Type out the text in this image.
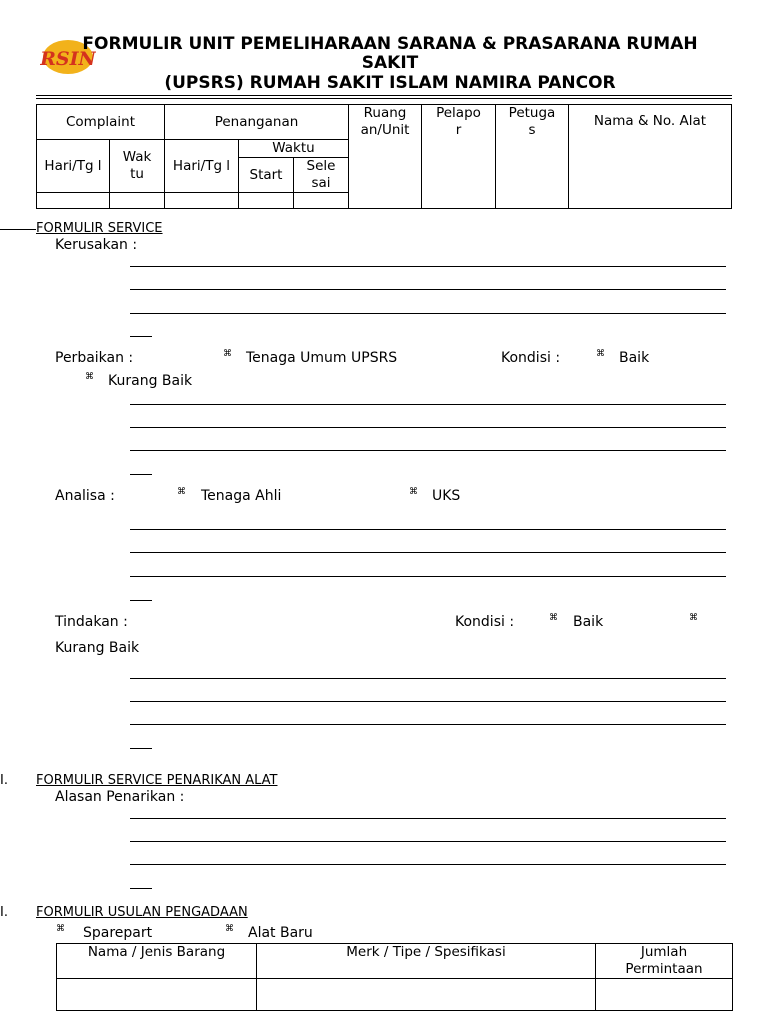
RSIN
FORMULIR UNIT PEMELIHARAAN SARANA & PRASARANA RUMAH
SAKIT
(UPSRS) RUMAH SAKIT ISLAM NAMIRA PANCOR
Complaint		Penanganan			Ruang an/Unit	Pelapo r	Petuga s	Nama & No. Alat

Hari/Tg l	Wak tu	Hari/Tg l	Waktu					
			Start	Sele sai				

FORMULIR SERVICE
Kerusakan :
Perbaikan :	⌘ Tenaga Umum UPSRS	Kondisi :	⌘ Baik
⌘ Kurang Baik
Analisa :	⌘ Tenaga Ahli	⌘ UKS
Tindakan :	Kondisi :	⌘ Baik	⌘
Kurang Baik
I. FORMULIR SERVICE PENARIKAN ALAT
Alasan Penarikan :
I. FORMULIR USULAN PENGADAAN
⌘ Sparepart	⌘ Alat Baru
Nama / Jenis Barang	Merk / Tipe / Spesifikasi	Jumlah Permintaan
